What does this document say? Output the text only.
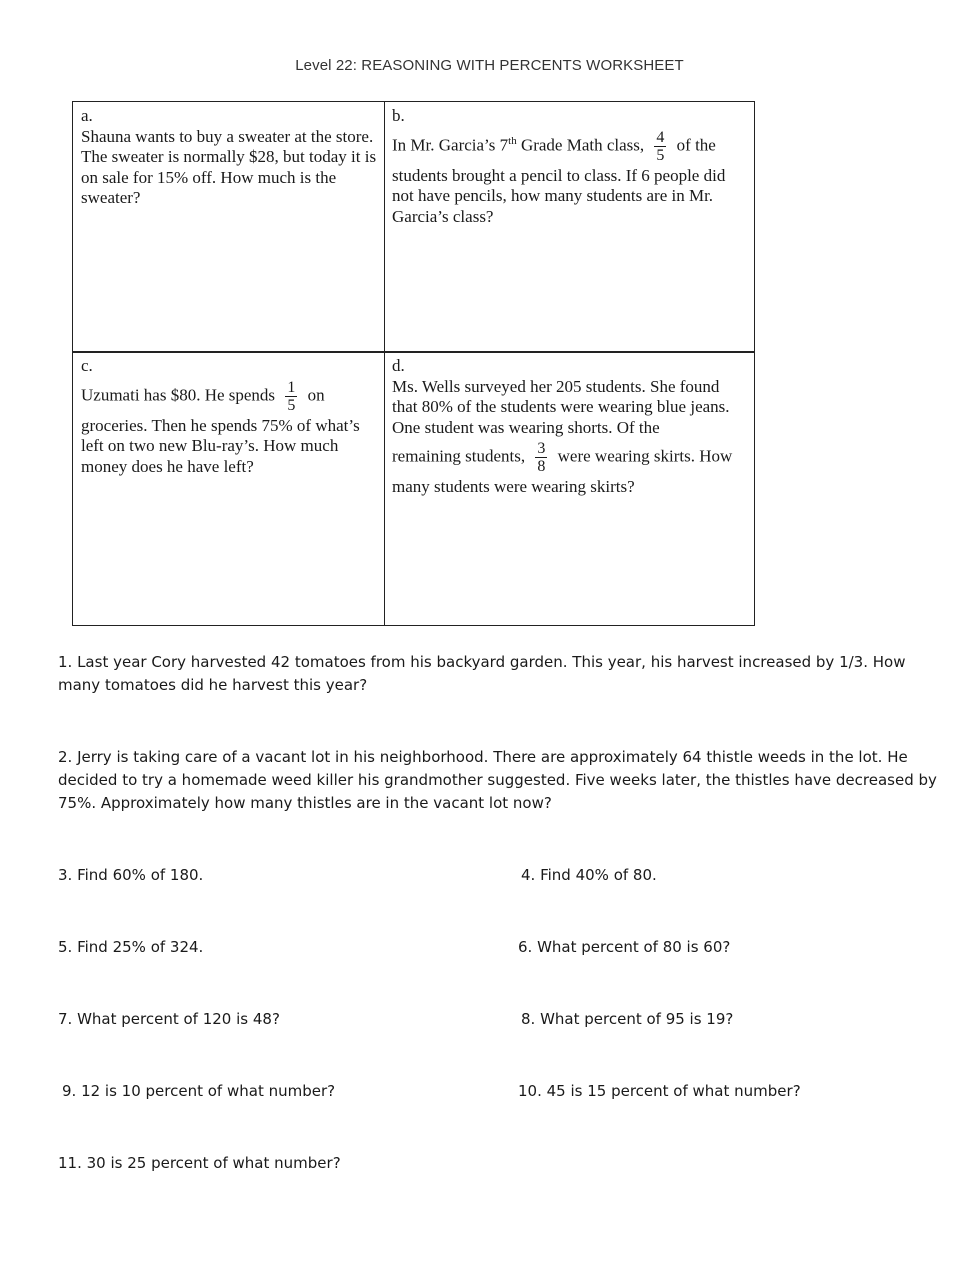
Level 22: REASONING WITH PERCENTS WORKSHEET
a.
Shauna wants to buy a sweater at the store. The sweater is normally $28, but today it is on sale for 15% off. How much is the sweater?
b.
In Mr. Garcia’s 7th Grade Math class, $\frac{4}{5}$ of the
students brought a pencil to class. If 6 people did not have pencils, how many students are in Mr. Garcia’s class?
c.
Uzumati has $80. He spends $\frac{1}{5}$ on
groceries. Then he spends 75% of what’s left on two new Blu-ray’s. How much money does he have left?
d.
Ms. Wells surveyed her 205 students. She found that 80% of the students were wearing blue jeans. One student was wearing shorts. Of the
remaining students, $\frac{3}{8}$ were wearing skirts. How
many students were wearing skirts?
1. Last year Cory harvested 42 tomatoes from his backyard garden. This year, his harvest increased by 1/3. How many tomatoes did he harvest this year?
2. Jerry is taking care of a vacant lot in his neighborhood. There are approximately 64 thistle weeds in the lot. He decided to try a homemade weed killer his grandmother suggested. Five weeks later, the thistles have decreased by 75%. Approximately how many thistles are in the vacant lot now?
3. Find 60% of 180.	4. Find 40% of 80.
5. Find 25% of 324.	6. What percent of 80 is 60?
7. What percent of 120 is 48?	8. What percent of 95 is 19?
9. 12 is 10 percent of what number?	10. 45 is 15 percent of what number?
11. 30 is 25 percent of what number?
